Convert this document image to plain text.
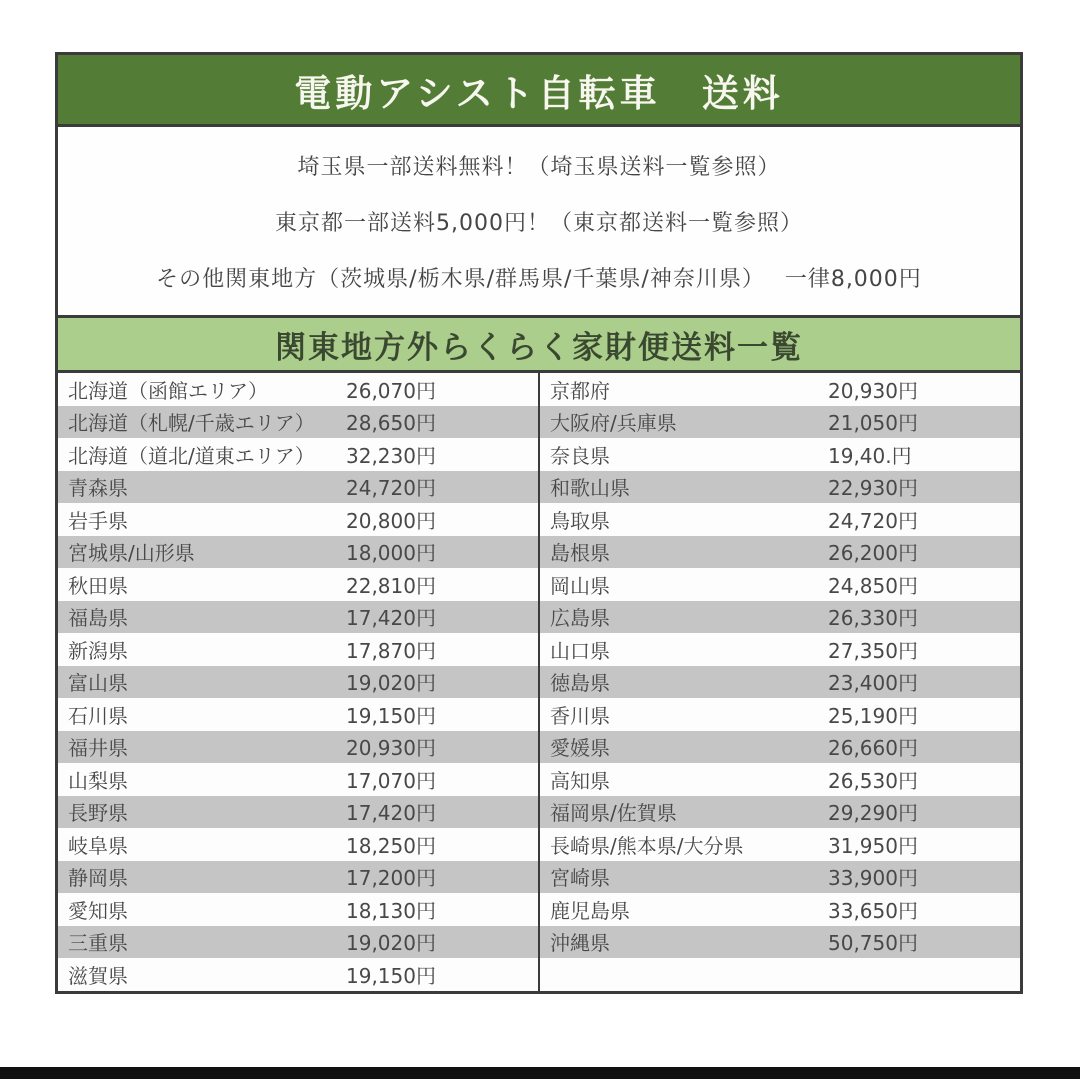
電動アシスト自転車　送料

埼玉県一部送料無料！（埼玉県送料一覧参照）

東京都一部送料5,000円！（東京都送料一覧参照）

その他関東地方（茨城県/栃木県/群馬県/千葉県/神奈川県）　 一律8,000円

関東地方外らくらく家財便送料一覧
北海道（函館エリア）	26,070円
北海道（札幌/千歳エリア）	28,650円
北海道（道北/道東エリア）	32,230円
青森県	24,720円
岩手県	20,800円
宮城県/山形県	18,000円
秋田県	22,810円
福島県	17,420円
新潟県	17,870円
富山県	19,020円
石川県	19,150円
福井県	20,930円
山梨県	17,070円
長野県	17,420円
岐阜県	18,250円
静岡県	17,200円
愛知県	18,130円
三重県	19,020円
滋賀県	19,150円
京都府	20,930円
大阪府/兵庫県	21,050円
奈良県	19,40.円
和歌山県	22,930円
鳥取県	24,720円
島根県	26,200円
岡山県	24,850円
広島県	26,330円
山口県	27,350円
徳島県	23,400円
香川県	25,190円
愛媛県	26,660円
高知県	26,530円
福岡県/佐賀県	29,290円
長崎県/熊本県/大分県	31,950円
宮崎県	33,900円
鹿児島県	33,650円
沖縄県	50,750円
